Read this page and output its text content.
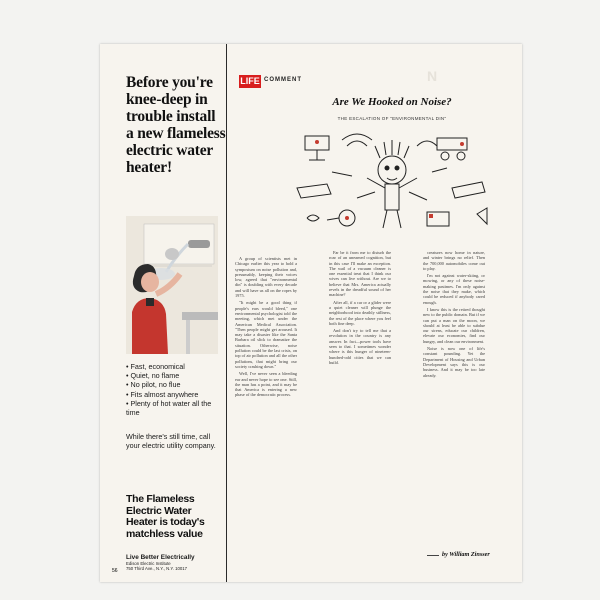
Before you're knee-deep in trouble install a new flameless electric water heater!
• Fast, economical
• Quiet, no flame
• No pilot, no flue
• Fits almost anywhere
• Plenty of hot water all the time
While there's still time, call your electric utility company.
The Flameless Electric Water Heater is today's matchless value
Live Better Electrically
Edison Electric Institute
750 Third Ave., N.Y., N.Y. 10017
56
N
LIFE COMMENT
Are We Hooked on Noise?
THE ESCALATION OF "ENVIRONMENTAL DIN"

A group of scientists met in Chicago earlier this year to hold a symposium on noise pollution and, presumably, keeping their voices low, agreed that "environmental din" is doubling with every decade and will have us all on the ropes by 1975.

"It might be a good thing if people's ears would bleed," one environmental psychologist told the meeting, which met under the American Medical Association. "Then people might get aroused. It may take a disaster like the Santa Barbara oil slick to dramatize the situation. Otherwise, noise pollution could be the last crisis, on top of air pollution and all the other pollutions, that might bring our society crashing down."

Well, I've never seen a bleeding ear and never hope to see one. Still, the man has a point, and it may be that America is entering a new phase of the democratic process.

Far be it from me to disturb the roar of an unearned cognition, but in this case I'll make an exception. The wail of a vacuum cleaner is one essential treat that I think our wives can live without. Are we to believe that Mrs. America actually revels in the dreadful sound of her machine?

After all, if a car or a glider were a quiet cleaner will plunge the neighborhood into deathly stillness, the rest of the place where you feel both fine deep.

And don't try to tell me that a revolution in the country is any answer. In fact—power tools have seen to that. I sometimes wonder where is this hunger of nineteen-hundred-odd cities that we can build.

creatures now home in nature, and winter brings no relief. Then the 700,000 automobiles come out to play.

I'm not against water-skiing, or mowing, or any of these noise-making pastimes. I'm only against the noise that they make, which could be reduced if anybody cared enough.

I know this is the retired thought new to the public domain. But if we can put a man on the moon, we should at least be able to subdue our sirens, educate our children, elevate our economies, find our hungry, and clean our environment.

Noise is now one of life's constant pounding. Yet the Department of Housing and Urban Development says this is our business. And it may be too late already.

by William Zinsser
